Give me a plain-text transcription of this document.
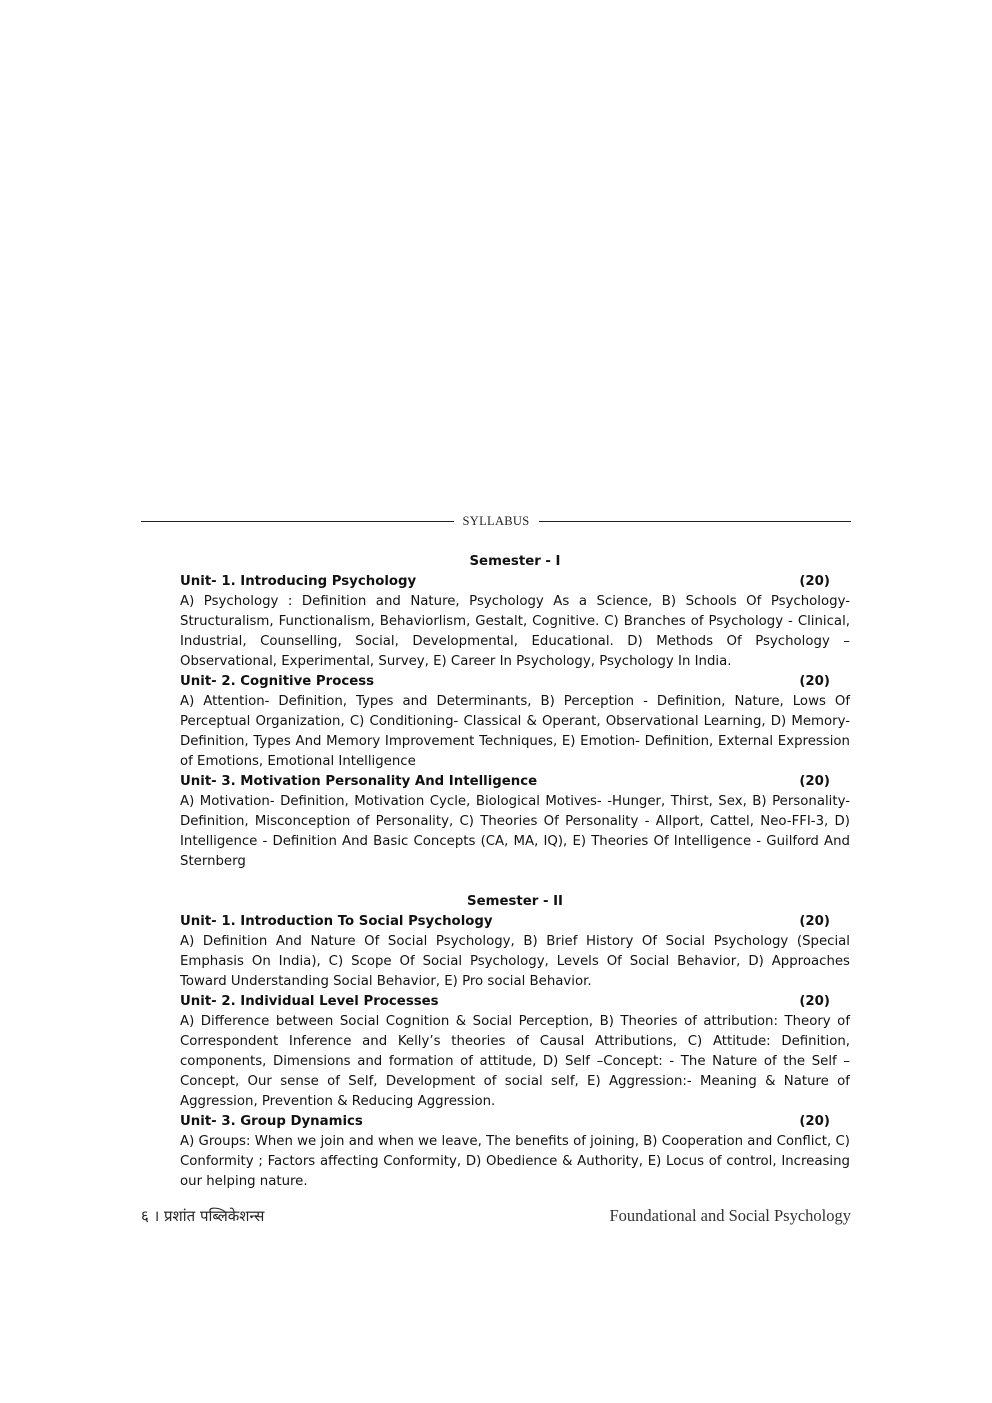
SYLLABUS
Semester - I
Unit- 1. Introducing Psychology	(20)

A) Psychology : Definition and Nature, Psychology As a Science, B) Schools Of Psychology- Structuralism, Functionalism, Behaviorlism, Gestalt, Cognitive. C) Branches of Psychology - Clinical, Industrial, Counselling, Social, Developmental, Educational. D) Methods Of Psychology – Observational, Experimental, Survey, E) Career In Psychology, Psychology In India.

Unit- 2. Cognitive Process	(20)

A) Attention- Definition, Types and Determinants, B) Perception - Definition, Nature, Lows Of Perceptual Organization, C) Conditioning- Classical & Operant, Observational Learning, D) Memory- Definition, Types And Memory Improvement Techniques, E) Emotion- Definition, External Expression of Emotions, Emotional Intelligence

Unit- 3. Motivation Personality And Intelligence	(20)

A) Motivation- Definition, Motivation Cycle, Biological Motives- -Hunger, Thirst, Sex, B) Personality- Definition, Misconception of Personality, C) Theories Of Personality - Allport, Cattel, Neo-FFI-3, D) Intelligence - Definition And Basic Concepts (CA, MA, IQ), E) Theories Of Intelligence - Guilford And Sternberg

Semester - II
Unit- 1. Introduction To Social Psychology	(20)

A) Definition And Nature Of Social Psychology, B) Brief History Of Social Psychology (Special Emphasis On India), C) Scope Of Social Psychology, Levels Of Social Behavior, D) Approaches Toward Understanding Social Behavior, E) Pro social Behavior.

Unit- 2. Individual Level Processes	(20)

A) Difference between Social Cognition & Social Perception, B) Theories of attribution: Theory of Correspondent Inference and Kelly’s theories of Causal Attributions, C) Attitude: Definition, components, Dimensions and formation of attitude, D) Self –Concept: - The Nature of the Self – Concept, Our sense of Self, Development of social self, E) Aggression:- Meaning & Nature of Aggression, Prevention & Reducing Aggression.

Unit- 3. Group Dynamics	(20)

A) Groups: When we join and when we leave, The benefits of joining, B) Cooperation and Conflict, C) Conformity ; Factors affecting Conformity, D) Obedience & Authority, E) Locus of control, Increasing our helping nature.

६ । प्रशांत पब्लिकेशन्स	Foundational and Social Psychology
